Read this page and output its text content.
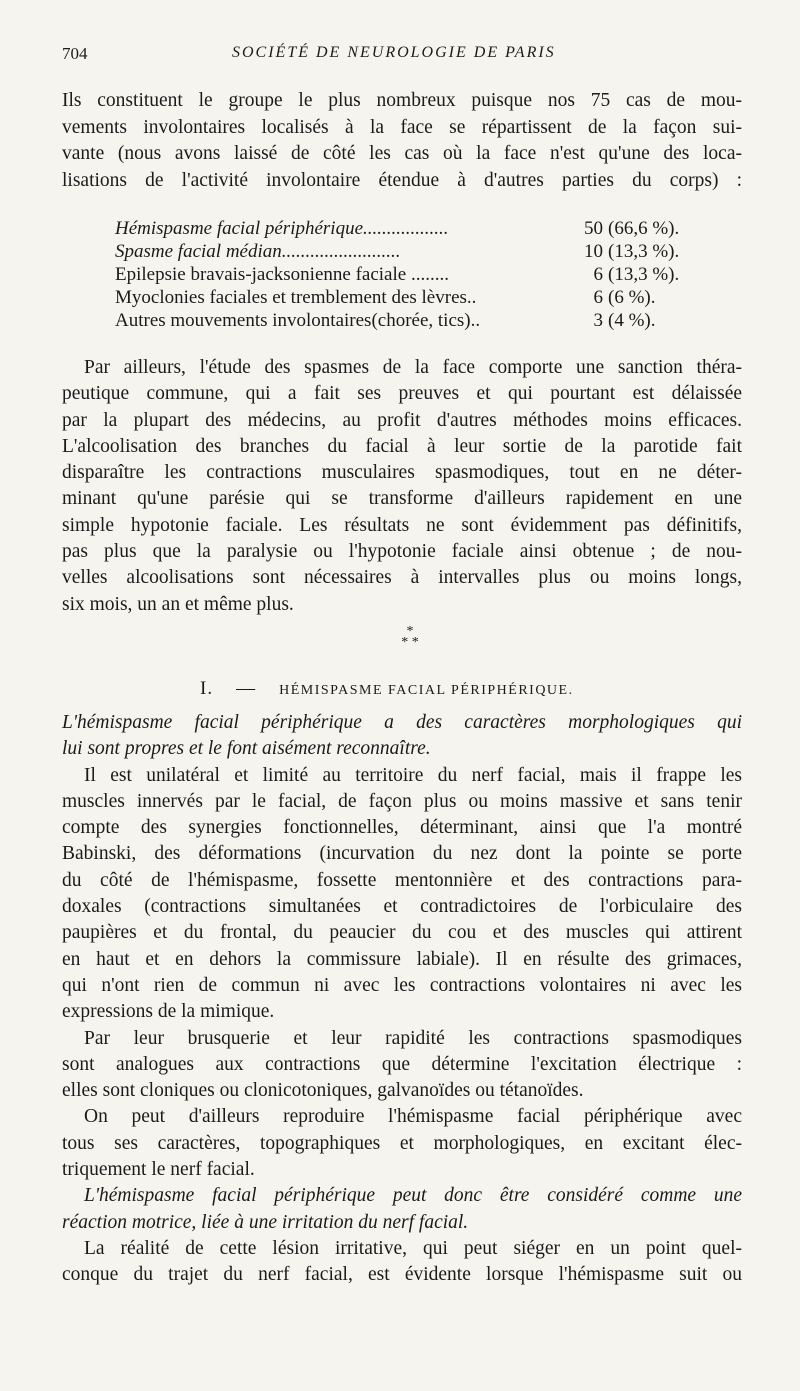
704	SOCIÉTÉ DE NEUROLOGIE DE PARIS
Ils constituent le groupe le plus nombreux puisque nos 75 cas de mou-
vements involontaires localisés à la face se répartissent de la façon sui-
vante (nous avons laissé de côté les cas où la face n'est qu'une des loca-
lisations de l'activité involontaire étendue à d'autres parties du corps) :
Hémispasme facial périphérique..................	50 (66,6 %).
Spasme facial médian.........................	10 (13,3 %).
Epilepsie bravais-jacksonienne faciale ........	6 (13,3 %).
Myoclonies faciales et tremblement des lèvres..	6 (6 %).
Autres mouvements involontaires(chorée, tics)..	3 (4 %).
Par ailleurs, l'étude des spasmes de la face comporte une sanction théra-
peutique commune, qui a fait ses preuves et qui pourtant est délaissée
par la plupart des médecins, au profit d'autres méthodes moins efficaces.
L'alcoolisation des branches du facial à leur sortie de la parotide fait
disparaître les contractions musculaires spasmodiques, tout en ne déter-
minant qu'une parésie qui se transforme d'ailleurs rapidement en une
simple hypotonie faciale. Les résultats ne sont évidemment pas définitifs,
pas plus que la paralysie ou l'hypotonie faciale ainsi obtenue ; de nou-
velles alcoolisations sont nécessaires à intervalles plus ou moins longs,
six mois, un an et même plus.
*
* *
I. — HÉMISPASME FACIAL PÉRIPHÉRIQUE.
L'hémispasme facial périphérique a des caractères morphologiques qui
lui sont propres et le font aisément reconnaître.
Il est unilatéral et limité au territoire du nerf facial, mais il frappe les
muscles innervés par le facial, de façon plus ou moins massive et sans tenir
compte des synergies fonctionnelles, déterminant, ainsi que l'a montré
Babinski, des déformations (incurvation du nez dont la pointe se porte
du côté de l'hémispasme, fossette mentonnière et des contractions para-
doxales (contractions simultanées et contradictoires de l'orbiculaire des
paupières et du frontal, du peaucier du cou et des muscles qui attirent
en haut et en dehors la commissure labiale). Il en résulte des grimaces,
qui n'ont rien de commun ni avec les contractions volontaires ni avec les
expressions de la mimique.
Par leur brusquerie et leur rapidité les contractions spasmodiques
sont analogues aux contractions que détermine l'excitation électrique :
elles sont cloniques ou clonicotoniques, galvanoïdes ou tétanoïdes.
On peut d'ailleurs reproduire l'hémispasme facial périphérique avec
tous ses caractères, topographiques et morphologiques, en excitant élec-
triquement le nerf facial.
L'hémispasme facial périphérique peut donc être considéré comme une
réaction motrice, liée à une irritation du nerf facial.
La réalité de cette lésion irritative, qui peut siéger en un point quel-
conque du trajet du nerf facial, est évidente lorsque l'hémispasme suit ou
